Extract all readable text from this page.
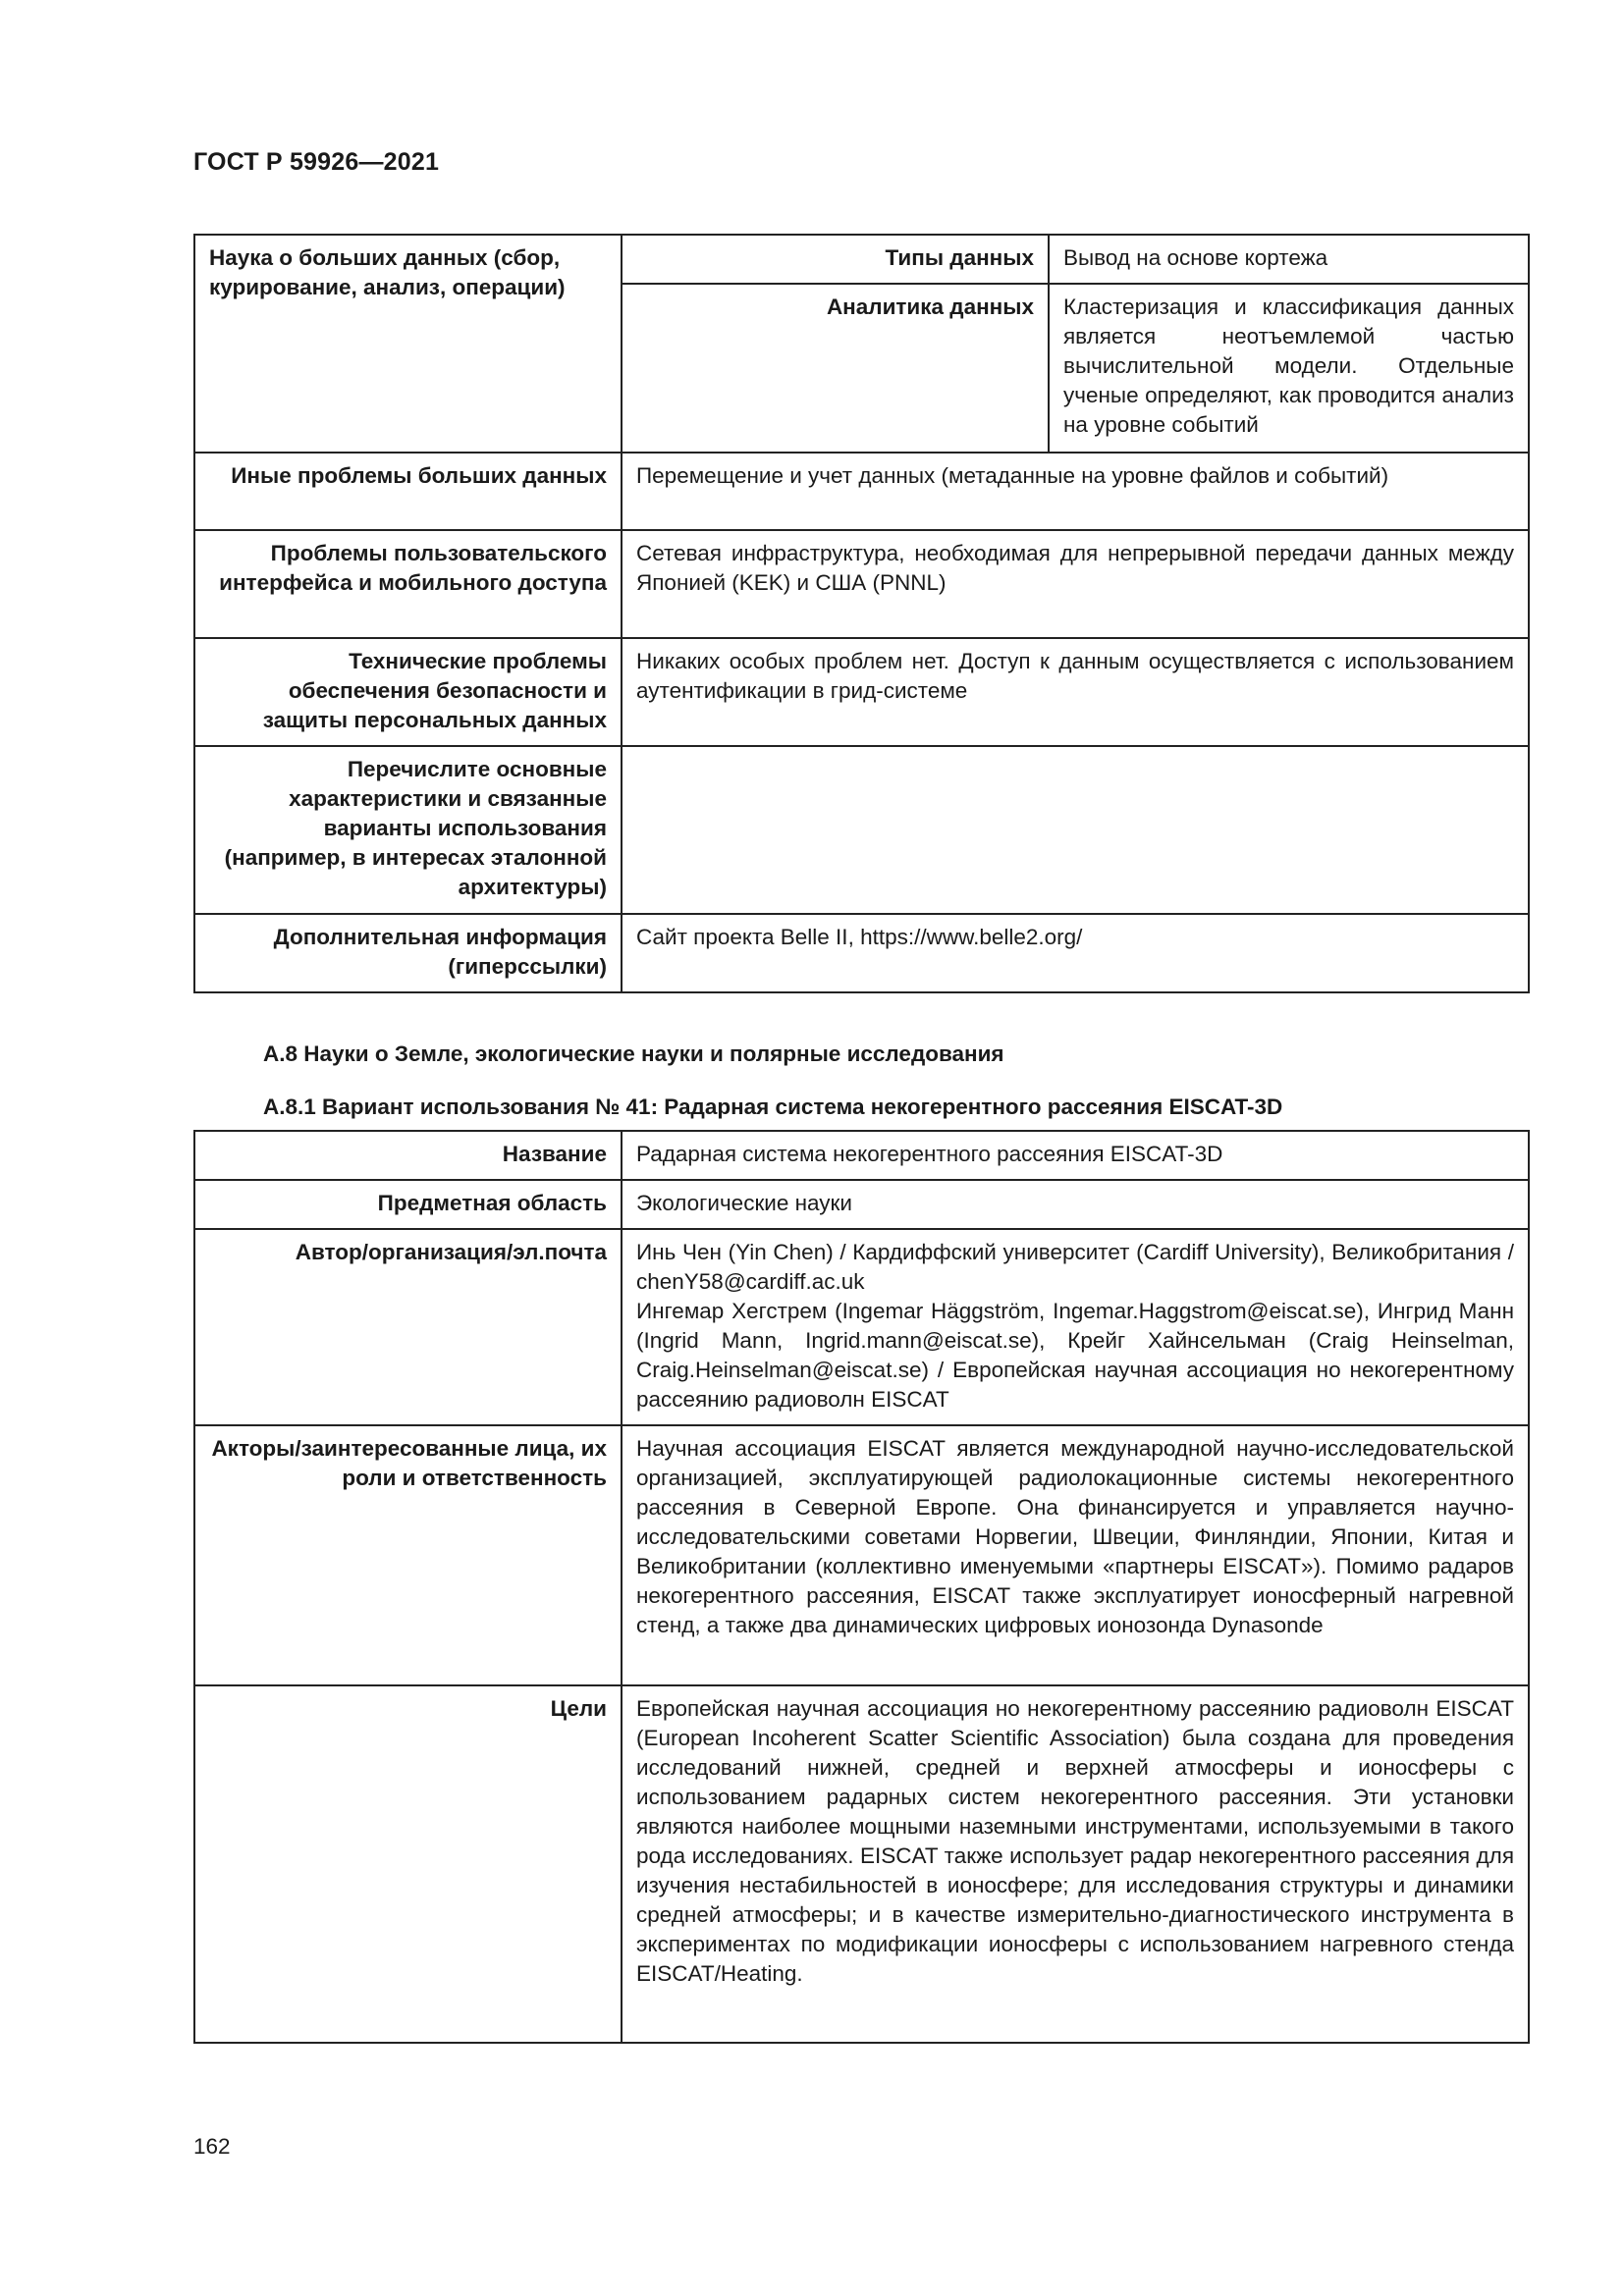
ГОСТ Р 59926—2021
Наука о больших данных (сбор, курирование, анализ, операции)	Типы данных	Вывод на основе кортежа
	Аналитика данных	Кластеризация и классификация данных является неотъемлемой частью вычислительной модели. Отдельные ученые определяют, как проводится анализ на уровне событий
Иные проблемы больших данных	Перемещение и учет данных (метаданные на уровне файлов и событий)	
Проблемы пользовательского интерфейса и мобильного доступа	Сетевая инфраструктура, необходимая для непрерывной передачи данных между Японией (KEK) и США (PNNL)	
Технические проблемы обеспечения безопасности и защиты персональных данных	Никаких особых проблем нет. Доступ к данным осуществляется с использованием аутентификации в грид-системе	
Перечислите основные характеристики и связанные варианты использования (например, в интересах эталонной архитектуры)		
Дополнительная информация (гиперссылки)	Сайт проекта Belle II, https://www.belle2.org/	
А.8 Науки о Земле, экологические науки и полярные исследования
А.8.1 Вариант использования № 41: Радарная система некогерентного рассеяния EISCAT-3D
Название	Радарная система некогерентного рассеяния EISCAT-3D
Предметная область	Экологические науки
Автор/организация/эл.почта	Инь Чен (Yin Chen) / Кардиффский университет (Cardiff University), Великобритания / chenY58@cardiff.ac.uk
Ингемар Хегстрем (Ingemar Häggström, Ingemar.Haggstrom@eiscat.se), Ингрид Манн (Ingrid Mann, Ingrid.mann@eiscat.se), Крейг Хайнсельман (Craig Heinselman, Craig.Heinselman@eiscat.se) / Европейская научная ассоциация но некогерентному рассеянию радиоволн EISCAT

Акторы/заинтересованные лица, их роли и ответственность	Научная ассоциация EISCAT является международной научно-исследовательской организацией, эксплуатирующей радиолокационные системы некогерентного рассеяния в Северной Европе. Она финансируется и управляется научно-исследовательскими советами Норвегии, Швеции, Финляндии, Японии, Китая и Великобритании (коллективно именуемыми «партнеры EISCAT»). Помимо радаров некогерентного рассеяния, EISCAT также эксплуатирует ионосферный нагревной стенд, а также два динамических цифровых ионозонда Dynasonde
Цели	Европейская научная ассоциация но некогерентному рассеянию радиоволн EISCAT (European Incoherent Scatter Scientific Association) была создана для проведения исследований нижней, средней и верхней атмосферы и ионосферы с использованием радарных систем некогерентного рассеяния. Эти установки являются наиболее мощными наземными инструментами, используемыми в такого рода исследованиях. EISCAT также использует радар некогерентного рассеяния для изучения нестабильностей в ионосфере; для исследования структуры и динамики средней атмосферы; и в качестве измерительно-диагностического инструмента в экспериментах по модификации ионосферы с использованием нагревного стенда EISCAT/Heating.
162
